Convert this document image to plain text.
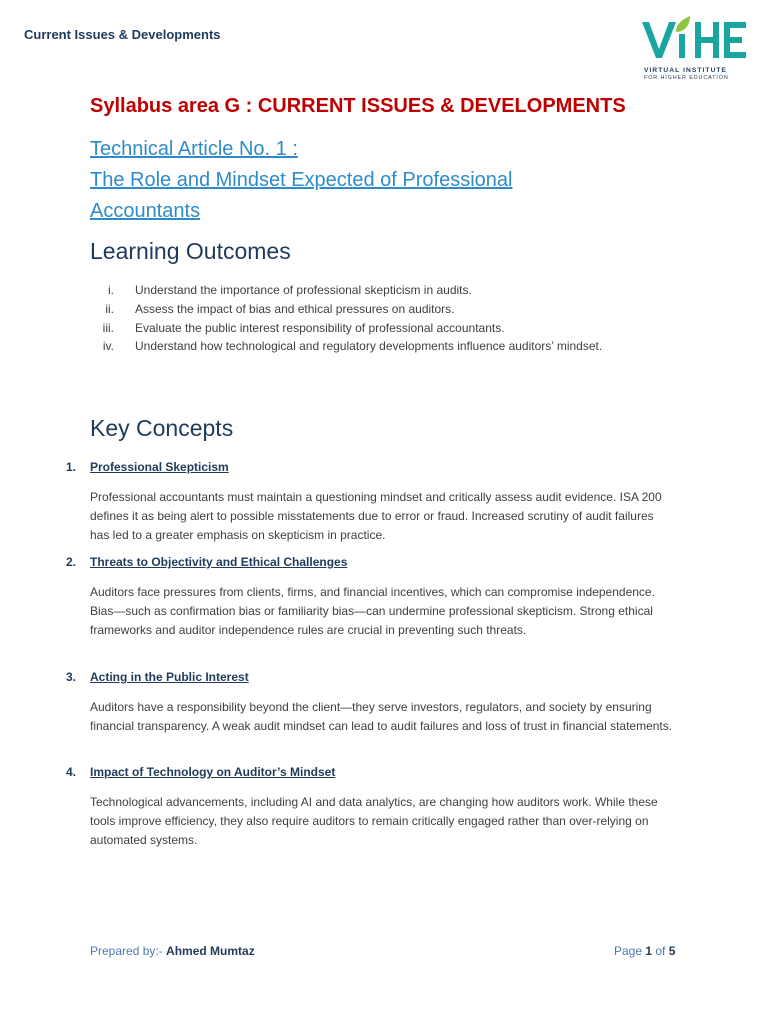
Current Issues & Developments
VIRTUAL INSTITUTE
FOR HIGHER EDUCATION
Syllabus area G : CURRENT ISSUES & DEVELOPMENTS
Technical Article No. 1 :
The Role and Mindset Expected of Professional
Accountants
Learning Outcomes
i. Understand the importance of professional skepticism in audits.
ii. Assess the impact of bias and ethical pressures on auditors.
iii. Evaluate the public interest responsibility of professional accountants.
iv. Understand how technological and regulatory developments influence auditors’ mindset.
Key Concepts
1. Professional Skepticism
Professional accountants must maintain a questioning mindset and critically assess audit evidence. ISA 200 defines it as being alert to possible misstatements due to error or fraud. Increased scrutiny of audit failures has led to a greater emphasis on skepticism in practice.
2. Threats to Objectivity and Ethical Challenges
Auditors face pressures from clients, firms, and financial incentives, which can compromise independence. Bias—such as confirmation bias or familiarity bias—can undermine professional skepticism. Strong ethical frameworks and auditor independence rules are crucial in preventing such threats.
3. Acting in the Public Interest
Auditors have a responsibility beyond the client—they serve investors, regulators, and society by ensuring financial transparency. A weak audit mindset can lead to audit failures and loss of trust in financial statements.
4. Impact of Technology on Auditor’s Mindset
Technological advancements, including AI and data analytics, are changing how auditors work. While these tools improve efficiency, they also require auditors to remain critically engaged rather than over-relying on automated systems.
Prepared by:- Ahmed Mumtaz	Page 1 of 5
